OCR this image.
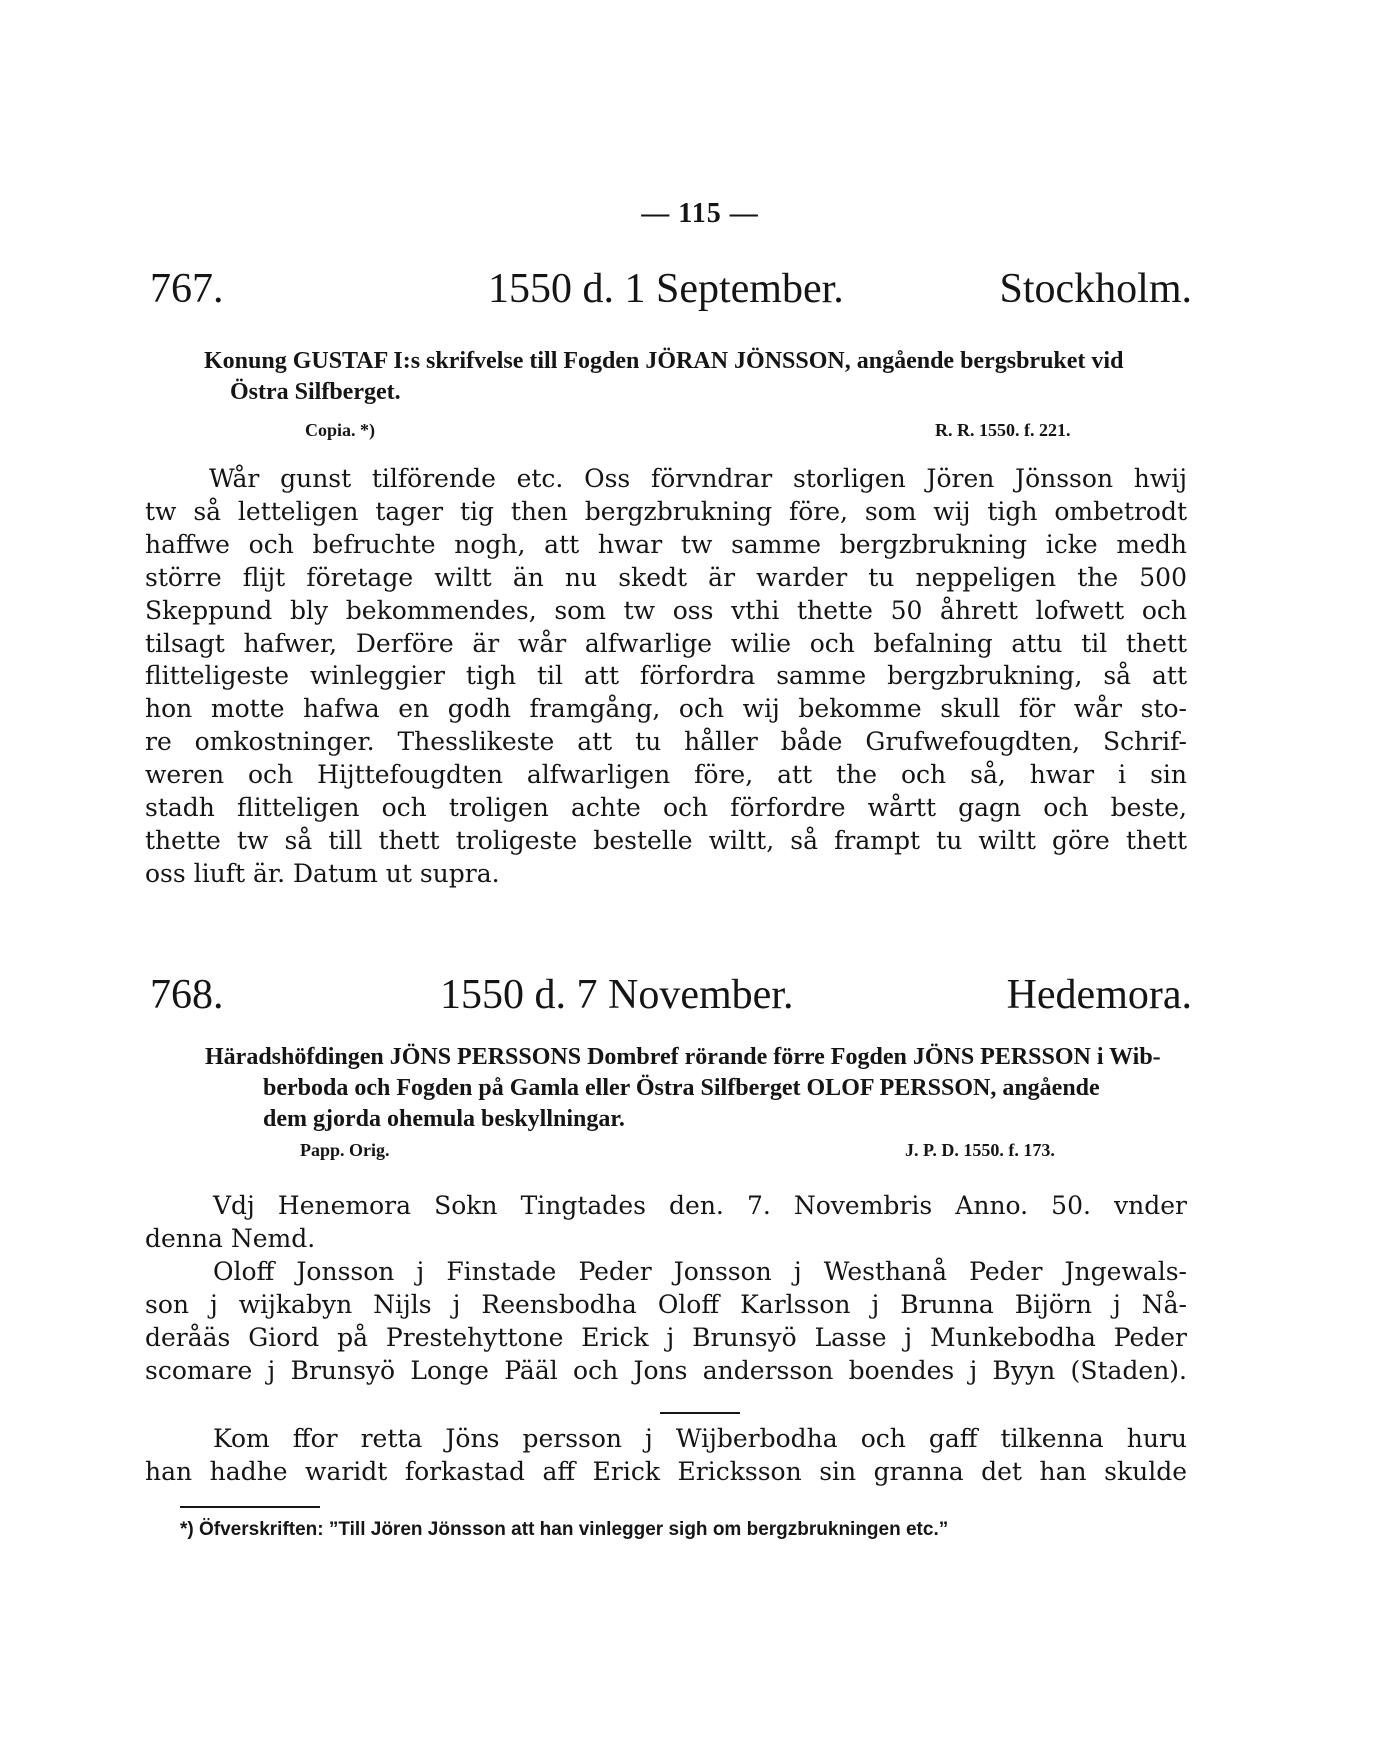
— 115 —
767.	1550 d. 1 September.	Stockholm.
Konung GUSTAF I:s skrifvelse till Fogden JÖRAN JÖNSSON, angående bergsbruket vid
Östra Silfberget.
Copia. *)	R. R. 1550. f. 221.
Wår gunst tilförende etc. Oss förvndrar storligen Jören Jönsson hwij
tw så letteligen tager tig then bergzbrukning före, som wij tigh ombetrodt
haffwe och befruchte nogh, att hwar tw samme bergzbrukning icke medh
större flijt företage wiltt än nu skedt är warder tu neppeligen the 500
Skeppund bly bekommendes, som tw oss vthi thette 50 åhrett lofwett och
tilsagt hafwer, Derföre är wår alfwarlige wilie och befalning attu til thett
flitteligeste winleggier tigh til att förfordra samme bergzbrukning, så att
hon motte hafwa en godh framgång, och wij bekomme skull för wår sto-
re omkostninger. Thesslikeste att tu håller både Grufwefougdten, Schrif-
weren och Hijttefougdten alfwarligen före, att the och så, hwar i sin
stadh flitteligen och troligen achte och förfordre wårtt gagn och beste,
thette tw så till thett troligeste bestelle wiltt, så frampt tu wiltt göre thett
oss liuft är. Datum ut supra.
768.	1550 d. 7 November.	Hedemora.
Häradshöfdingen JÖNS PERSSONS Dombref rörande förre Fogden JÖNS PERSSON i Wib-
berboda och Fogden på Gamla eller Östra Silfberget OLOF PERSSON, angående
dem gjorda ohemula beskyllningar.
Papp. Orig.	J. P. D. 1550. f. 173.
Vdj Henemora Sokn Tingtades den. 7. Novembris Anno. 50. vnder
denna Nemd.
Oloff Jonsson j Finstade Peder Jonsson j Westhanå Peder Jngewals-
son j wijkabyn Nijls j Reensbodha Oloff Karlsson j Brunna Bijörn j Nå-
deråäs Giord på Prestehyttone Erick j Brunsyö Lasse j Munkebodha Peder
scomare j Brunsyö Longe Pääl och Jons andersson boendes j Byyn (Staden).
Kom ffor retta Jöns persson j Wijberbodha och gaff tilkenna huru
han hadhe waridt forkastad aff Erick Ericksson sin granna det han skulde
*) Öfverskriften: ”Till Jören Jönsson att han vinlegger sigh om bergzbrukningen etc.”
